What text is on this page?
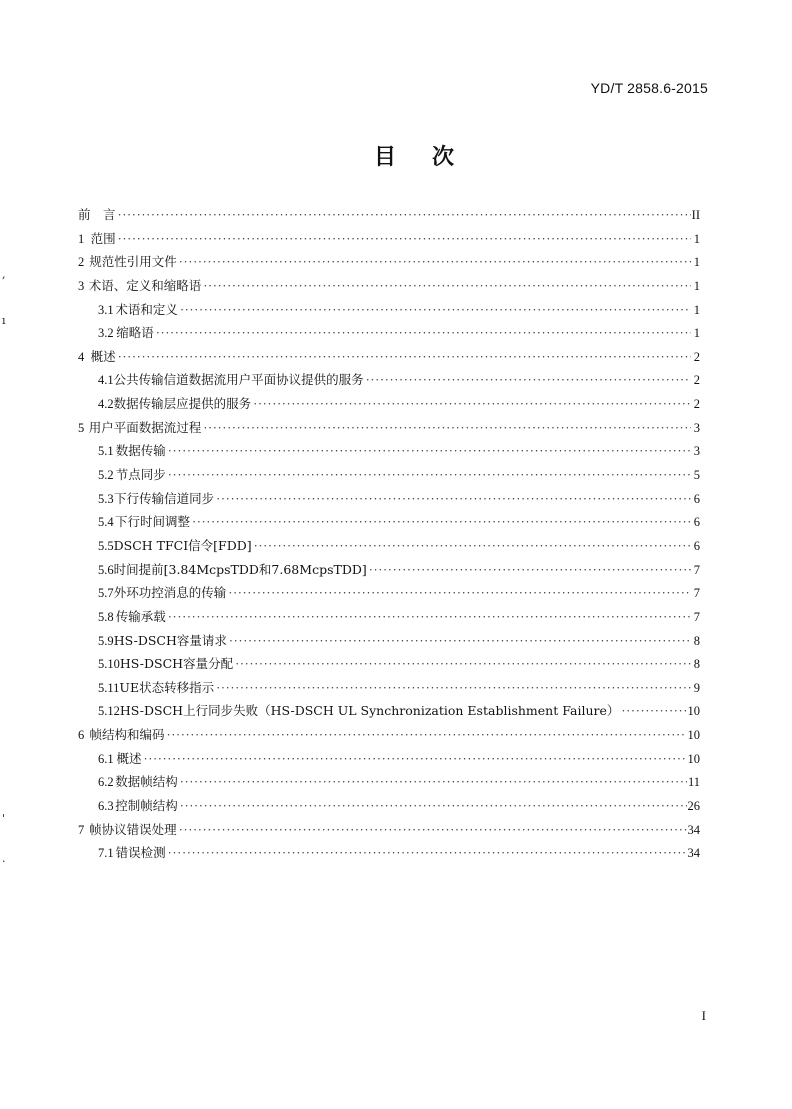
YD/T 2858.6-2015
目次
前　言 ·····	II
1 范围 ·····	1
2 规范性引用文件 ·····	1
3 术语、定义和缩略语 ·····	1
3.1 术语和定义 ·····	1
3.2 缩略语 ·····	1
4 概述 ·····	2
4.1 公共传输信道数据流用户平面协议提供的服务 ·····	2
4.2 数据传输层应提供的服务 ·····	2
5 用户平面数据流过程 ·····	3
5.1 数据传输 ·····	3
5.2 节点同步 ·····	5
5.3 下行传输信道同步 ·····	6
5.4 下行时间调整 ·····	6
5.5 DSCH TFCI信令[FDD] ·····	6
5.6 时间提前[3.84McpsTDD和7.68McpsTDD] ·····	7
5.7 外环功控消息的传输 ·····	7
5.8 传输承载 ·····	7
5.9 HS-DSCH容量请求 ·····	8
5.10 HS-DSCH容量分配 ·····	8
5.11 UE状态转移指示 ·····	9
5.12 HS-DSCH上行同步失败（HS-DSCH UL Synchronization Establishment Failure） ·····	10
6 帧结构和编码 ·····	10
6.1 概述 ·····	10
6.2 数据帧结构 ·····	11
6.3 控制帧结构 ·····	26
7 帧协议错误处理 ·····	34
7.1 错误检测 ·····	34
I
,
ı
'
.
